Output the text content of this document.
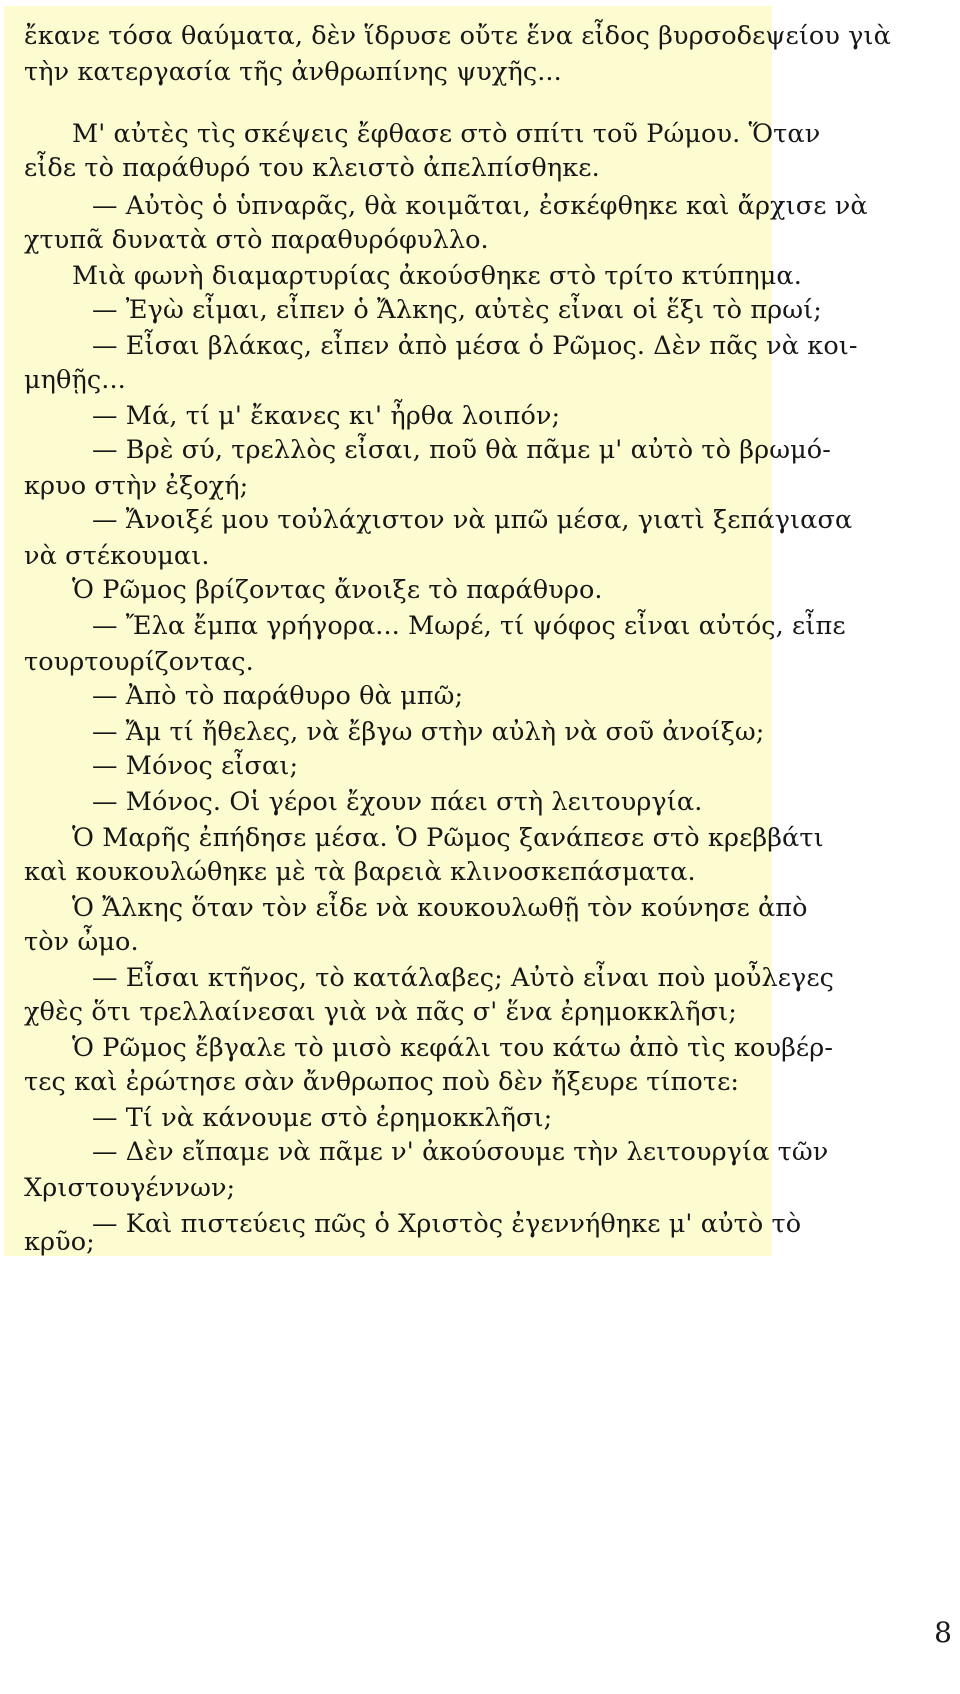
ἔκανε τόσα θαύματα, δὲν ἵδρυσε οὔτε ἕνα εἶδος βυρσοδεψείου γιὰ
τὴν κατεργασία τῆς ἀνθρωπίνης ψυχῆς...
Μ' αὐτὲς τὶς σκέψεις ἔφθασε στὸ σπίτι τοῦ Ρώμου. Ὅταν
εἶδε τὸ παράθυρό του κλειστὸ ἀπελπίσθηκε.
— Αὐτὸς ὁ ὑπναρᾶς, θὰ κοιμᾶται, ἐσκέφθηκε καὶ ἄρχισε νὰ
χτυπᾶ δυνατὰ στὸ παραθυρόφυλλο.
Μιὰ φωνὴ διαμαρτυρίας ἀκούσθηκε στὸ τρίτο κτύπημα.
— Ἐγὼ εἶμαι, εἶπεν ὁ Ἄλκης, αὐτὲς εἶναι οἱ ἕξι τὸ πρωί;
— Εἶσαι βλάκας, εἶπεν ἀπὸ μέσα ὁ Ρῶμος. Δὲν πᾶς νὰ κοι-
μηθῇς...
— Μά, τί μ' ἔκανες κι' ἦρθα λοιπόν;
— Βρὲ σύ, τρελλὸς εἶσαι, ποῦ θὰ πᾶμε μ' αὐτὸ τὸ βρωμό-
κρυο στὴν ἐξοχή;
— Ἄνοιξέ μου τοὐλάχιστον νὰ μπῶ μέσα, γιατὶ ξεπάγιασα
νὰ στέκουμαι.
Ὁ Ρῶμος βρίζοντας ἄνοιξε τὸ παράθυρο.
— Ἔλα ἔμπα γρήγορα... Μωρέ, τί ψόφος εἶναι αὐτός, εἶπε
τουρτουρίζοντας.
— Ἀπὸ τὸ παράθυρο θὰ μπῶ;
— Ἄμ τί ἤθελες, νὰ ἔβγω στὴν αὐλὴ νὰ σοῦ ἀνοίξω;
— Μόνος εἶσαι;
— Μόνος. Οἱ γέροι ἔχουν πάει στὴ λειτουργία.
Ὁ Μαρῆς ἐπήδησε μέσα. Ὁ Ρῶμος ξανάπεσε στὸ κρεββάτι
καὶ κουκουλώθηκε μὲ τὰ βαρειὰ κλινοσκεπάσματα.
Ὁ Ἄλκης ὅταν τὸν εἶδε νὰ κουκουλωθῇ τὸν κούνησε ἀπὸ
τὸν ὦμο.
— Εἶσαι κτῆνος, τὸ κατάλαβες; Αὐτὸ εἶναι ποὺ μοὖλεγες
χθὲς ὅτι τρελλαίνεσαι γιὰ νὰ πᾶς σ' ἕνα ἐρημοκκλῆσι;
Ὁ Ρῶμος ἔβγαλε τὸ μισὸ κεφάλι του κάτω ἀπὸ τὶς κουβέρ-
τες καὶ ἐρώτησε σὰν ἄνθρωπος ποὺ δὲν ἤξευρε τίποτε:
— Τί νὰ κάνουμε στὸ ἐρημοκκλῆσι;
— Δὲν εἴπαμε νὰ πᾶμε ν' ἀκούσουμε τὴν λειτουργία τῶν
Χριστουγέννων;
— Καὶ πιστεύεις πῶς ὁ Χριστὸς ἐγεννήθηκε μ' αὐτὸ τὸ
κρῦο;
8
